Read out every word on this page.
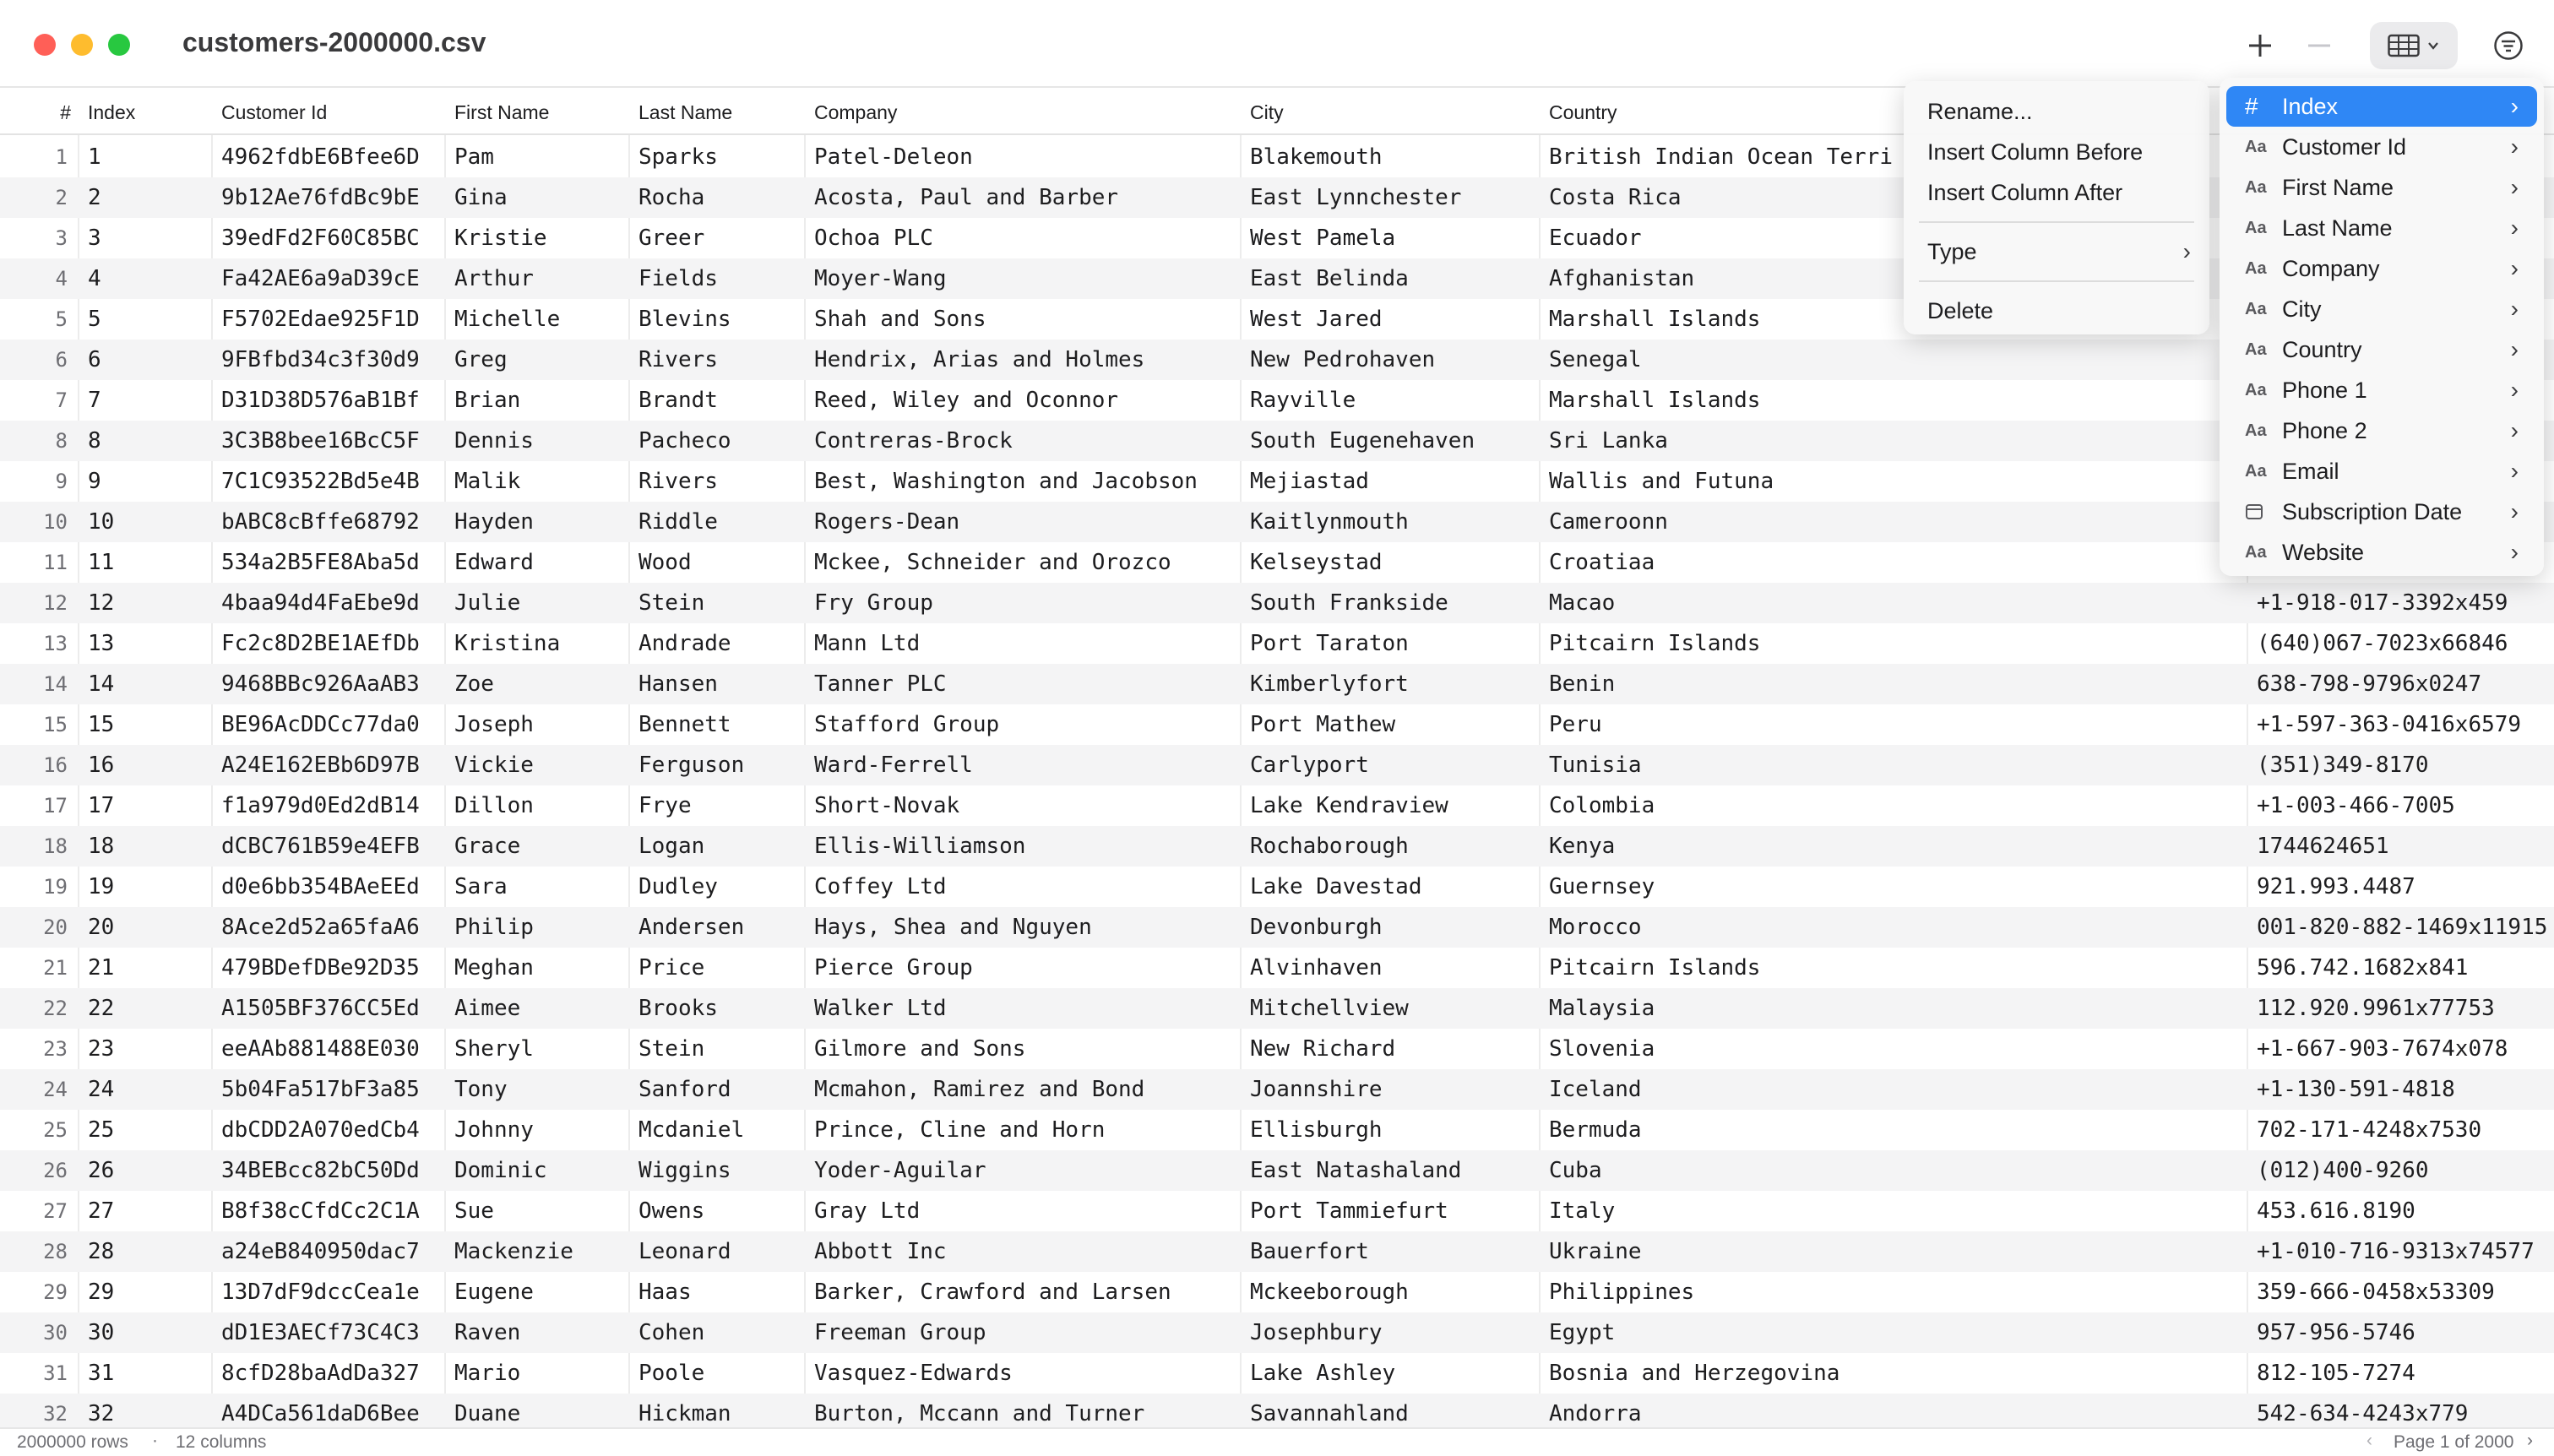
customers-2000000.csv
# Index	Customer Id	First Name	Last Name	Company	City	Country
1 1	4962fdbE6Bfee6D	Pam	Sparks	Patel-Deleon	Blakemouth	British Indian Ocean Terri
2 2	9b12Ae76fdBc9bE	Gina	Rocha	Acosta, Paul and Barber	East Lynnchester	Costa Rica
3 3	39edFd2F60C85BC	Kristie	Greer	Ochoa PLC	West Pamela	Ecuador
4 4	Fa42AE6a9aD39cE	Arthur	Fields	Moyer-Wang	East Belinda	Afghanistan
5 5	F5702Edae925F1D	Michelle	Blevins	Shah and Sons	West Jared	Marshall Islands
6 6	9FBfbd34c3f30d9	Greg	Rivers	Hendrix, Arias and Holmes	New Pedrohaven	Senegal
7 7	D31D38D576aB1Bf	Brian	Brandt	Reed, Wiley and Oconnor	Rayville	Marshall Islands
8 8	3C3B8bee16BcC5F	Dennis	Pacheco	Contreras-Brock	South Eugenehaven	Sri Lanka
9 9	7C1C93522Bd5e4B	Malik	Rivers	Best, Washington and Jacobson	Mejiastad	Wallis and Futuna
10 10	bABC8cBffe68792	Hayden	Riddle	Rogers-Dean	Kaitlynmouth	Cameroonn
11 11	534a2B5FE8Aba5d	Edward	Wood	Mckee, Schneider and Orozco	Kelseystad	Croatiaa
12 12	4baa94d4FaEbe9d	Julie	Stein	Fry Group	South Frankside	Macao	+1-918-017-3392x459
13 13	Fc2c8D2BE1AEfDb	Kristina	Andrade	Mann Ltd	Port Taraton	Pitcairn Islands	(640)067-7023x66846
14 14	9468BBc926AaAB3	Zoe	Hansen	Tanner PLC	Kimberlyfort	Benin	638-798-9796x0247
15 15	BE96AcDDCc77da0	Joseph	Bennett	Stafford Group	Port Mathew	Peru	+1-597-363-0416x6579
16 16	A24E162EBb6D97B	Vickie	Ferguson	Ward-Ferrell	Carlyport	Tunisia	(351)349-8170
17 17	f1a979d0Ed2dB14	Dillon	Frye	Short-Novak	Lake Kendraview	Colombia	+1-003-466-7005
18 18	dCBC761B59e4EFB	Grace	Logan	Ellis-Williamson	Rochaborough	Kenya	1744624651
19 19	d0e6bb354BAeEEd	Sara	Dudley	Coffey Ltd	Lake Davestad	Guernsey	921.993.4487
20 20	8Ace2d52a65faA6	Philip	Andersen	Hays, Shea and Nguyen	Devonburgh	Morocco	001-820-882-1469x11915
21 21	479BDefDBe92D35	Meghan	Price	Pierce Group	Alvinhaven	Pitcairn Islands	596.742.1682x841
22 22	A1505BF376CC5Ed	Aimee	Brooks	Walker Ltd	Mitchellview	Malaysia	112.920.9961x77753
23 23	eeAAb881488E030	Sheryl	Stein	Gilmore and Sons	New Richard	Slovenia	+1-667-903-7674x078
24 24	5b04Fa517bF3a85	Tony	Sanford	Mcmahon, Ramirez and Bond	Joannshire	Iceland	+1-130-591-4818
25 25	dbCDD2A070edCb4	Johnny	Mcdaniel	Prince, Cline and Horn	Ellisburgh	Bermuda	702-171-4248x7530
26 26	34BEBcc82bC50Dd	Dominic	Wiggins	Yoder-Aguilar	East Natashaland	Cuba	(012)400-9260
27 27	B8f38cCfdCc2C1A	Sue	Owens	Gray Ltd	Port Tammiefurt	Italy	453.616.8190
28 28	a24eB840950dac7	Mackenzie	Leonard	Abbott Inc	Bauerfort	Ukraine	+1-010-716-9313x74577
29 29	13D7dF9dccCea1e	Eugene	Haas	Barker, Crawford and Larsen	Mckeeborough	Philippines	359-666-0458x53309
30 30	dD1E3AECf73C4C3	Raven	Cohen	Freeman Group	Josephbury	Egypt	957-956-5746
31 31	8cfD28baAdDa327	Mario	Poole	Vasquez-Edwards	Lake Ashley	Bosnia and Herzegovina	812-105-7274
32 32	A4DCa561daD6Bee	Duane	Hickman	Burton, Mccann and Turner	Savannahland	Andorra	542-634-4243x779
Rename...
Insert Column Before
Insert Column After
Type	›
Delete
# Index	›
Aa Customer Id	›
Aa First Name	›
Aa Last Name	›
Aa Company	›
Aa City	›
Aa Country	›
Aa Phone 1	›
Aa Phone 2	›
Aa Email	›
Subscription Date ›
Aa Website	›
2000000 rows · 12 columns	‹ Page 1 of 2000 ›
